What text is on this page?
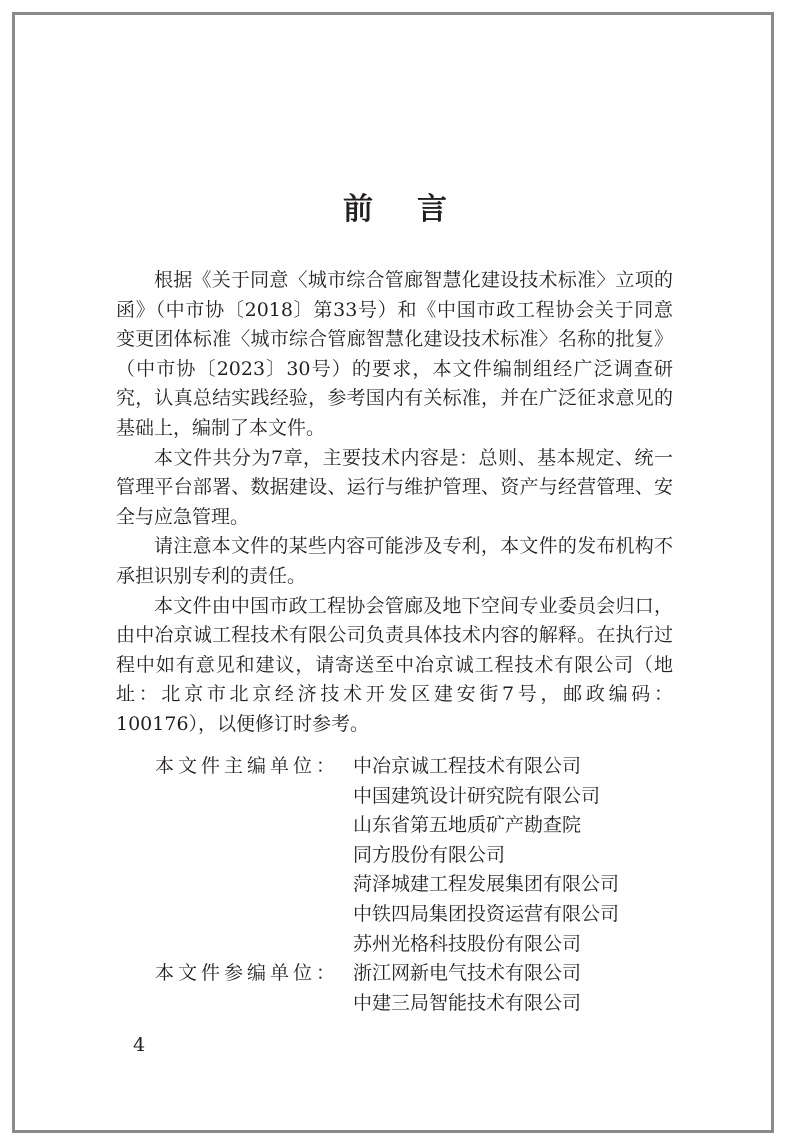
前言

根据《关于同意〈城市综合管廊智慧化建设技术标准〉立项的函》（中市协〔2018〕第33号）和《中国市政工程协会关于同意变更团体标准〈城市综合管廊智慧化建设技术标准〉名称的批复》（中市协〔2023〕30号）的要求，本文件编制组经广泛调查研究，认真总结实践经验，参考国内有关标准，并在广泛征求意见的基础上，编制了本文件。

本文件共分为7章，主要技术内容是：总则、基本规定、统一管理平台部署、数据建设、运行与维护管理、资产与经营管理、安全与应急管理。

请注意本文件的某些内容可能涉及专利，本文件的发布机构不承担识别专利的责任。

本文件由中国市政工程协会管廊及地下空间专业委员会归口，由中冶京诚工程技术有限公司负责具体技术内容的解释。在执行过程中如有意见和建议，请寄送至中冶京诚工程技术有限公司（地址：北京市北京经济技术开发区建安街7号，邮政编码：100176），以便修订时参考。

本文件主编单位： 中冶京诚工程技术有限公司
中国建筑设计研究院有限公司
山东省第五地质矿产勘查院
同方股份有限公司
菏泽城建工程发展集团有限公司
中铁四局集团投资运营有限公司
苏州光格科技股份有限公司
本文件参编单位： 浙江网新电气技术有限公司
中建三局智能技术有限公司
4
